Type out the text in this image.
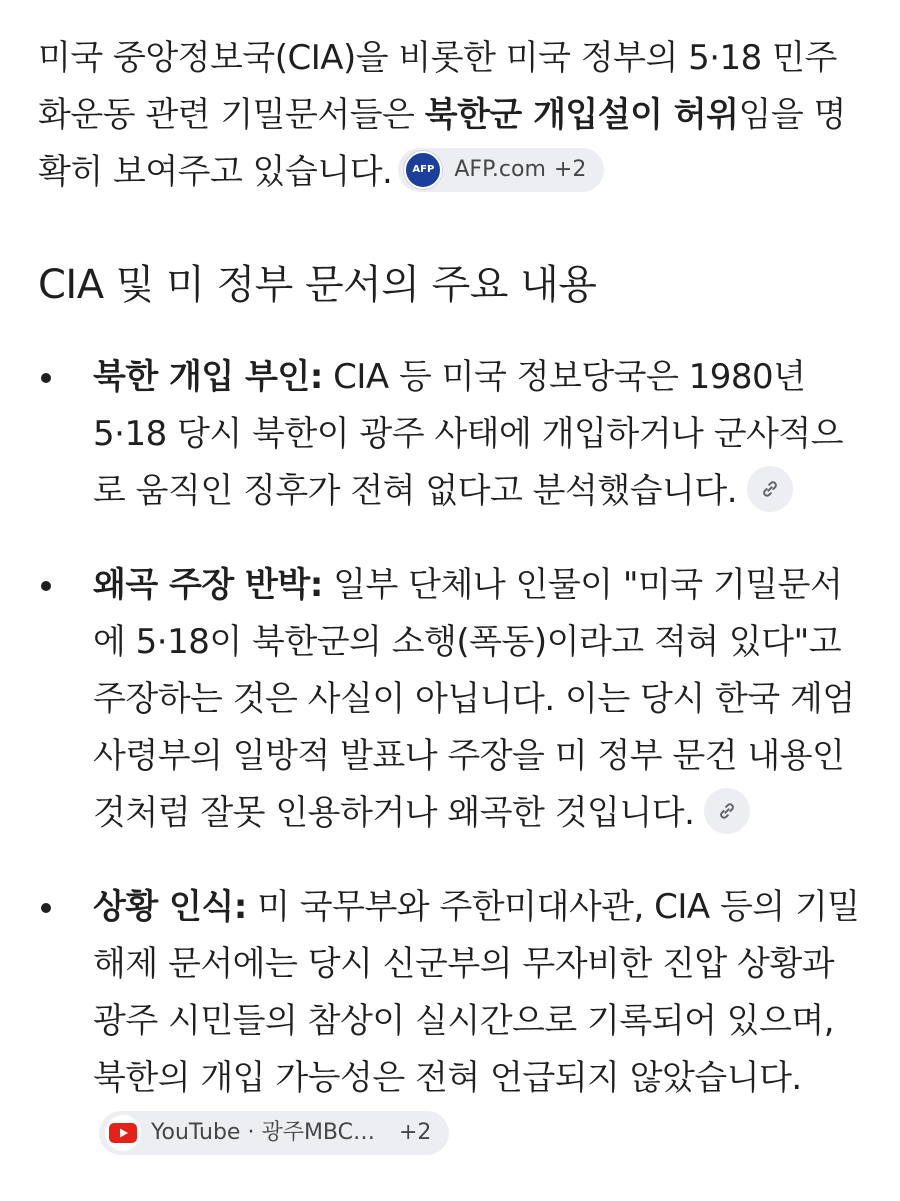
미국 중앙정보국(CIA)을 비롯한 미국 정부의 5·18 민주화운동 관련 기밀문서들은 북한군 개입설이 허위임을 명확히 보여주고 있습니다.	AFP AFP.com +2

CIA 및 미 정부 문서의 주요 내용
북한 개입 부인: CIA 등 미국 정보당국은 1980년 5·18 당시 북한이 광주 사태에 개입하거나 군사적으로 움직인 징후가 전혀 없다고 분석했습니다.
왜곡 주장 반박: 일부 단체나 인물이 "미국 기밀문서에 5·18이 북한군의 소행(폭동)이라고 적혀 있다"고 주장하는 것은 사실이 아닙니다. 이는 당시 한국 계엄사령부의 일방적 발표나 주장을 미 정부 문건 내용인 것처럼 잘못 인용하거나 왜곡한 것입니다.
상황 인식: 미 국무부와 주한미대사관, CIA 등의 기밀 해제 문서에는 당시 신군부의 무자비한 진압 상황과 광주 시민들의 참상이 실시간으로 기록되어 있으며, 북한의 개입 가능성은 전혀 언급되지 않았습니다.
YouTube · 광주MBC… +2
